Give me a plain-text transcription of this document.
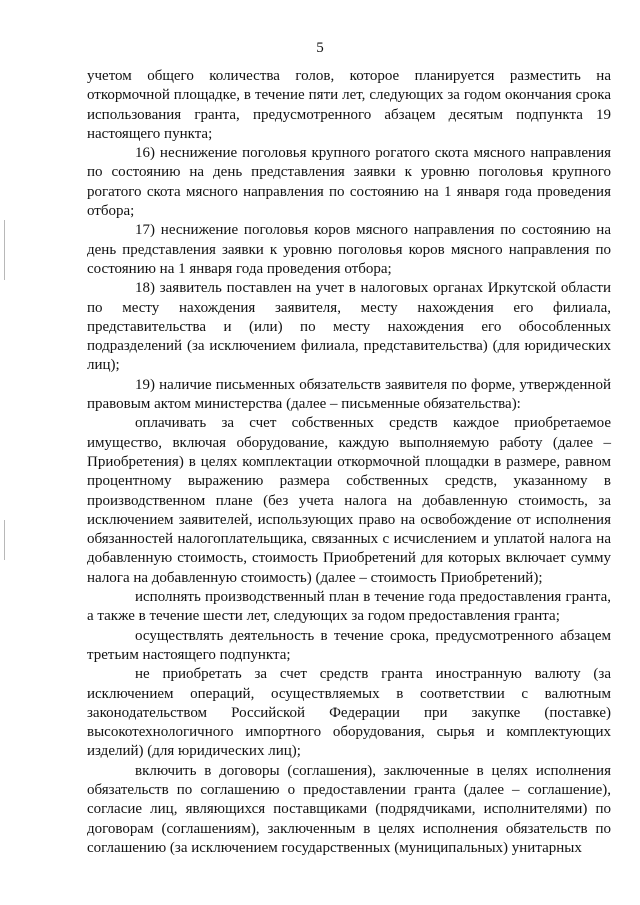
5

учетом общего количества голов, которое планируется разместить на откормочной площадке, в течение пяти лет, следующих за годом окончания срока использования гранта, предусмотренного абзацем десятым подпункта 19 настоящего пункта;

16) неснижение поголовья крупного рогатого скота мясного направления по состоянию на день представления заявки к уровню поголовья крупного рогатого скота мясного направления по состоянию на 1 января года проведения отбора;

17) неснижение поголовья коров мясного направления по состоянию на день представления заявки к уровню поголовья коров мясного направления по состоянию на 1 января года проведения отбора;

18) заявитель поставлен на учет в налоговых органах Иркутской области по месту нахождения заявителя, месту нахождения его филиала, представительства и (или) по месту нахождения его обособленных подразделений (за исключением филиала, представительства) (для юридических лиц);

19) наличие письменных обязательств заявителя по форме, утвержденной правовым актом министерства (далее – письменные обязательства):

оплачивать за счет собственных средств каждое приобретаемое имущество, включая оборудование, каждую выполняемую работу (далее – Приобретения) в целях комплектации откормочной площадки в размере, равном процентному выражению размера собственных средств, указанному в производственном плане (без учета налога на добавленную стоимость, за исключением заявителей, использующих право на освобождение от исполнения обязанностей налогоплательщика, связанных с исчислением и уплатой налога на добавленную стоимость, стоимость Приобретений для которых включает сумму налога на добавленную стоимость) (далее – стоимость Приобретений);

исполнять производственный план в течение года предоставления гранта, а также в течение шести лет, следующих за годом предоставления гранта;

осуществлять деятельность в течение срока, предусмотренного абзацем третьим настоящего подпункта;

не приобретать за счет средств гранта иностранную валюту (за исключением операций, осуществляемых в соответствии с валютным законодательством Российской Федерации при закупке (поставке) высокотехнологичного импортного оборудования, сырья и комплектующих изделий) (для юридических лиц);

включить в договоры (соглашения), заключенные в целях исполнения обязательств по соглашению о предоставлении гранта (далее – соглашение), согласие лиц, являющихся поставщиками (подрядчиками, исполнителями) по договорам (соглашениям), заключенным в целях исполнения обязательств по соглашению (за исключением государственных (муниципальных) унитарных
